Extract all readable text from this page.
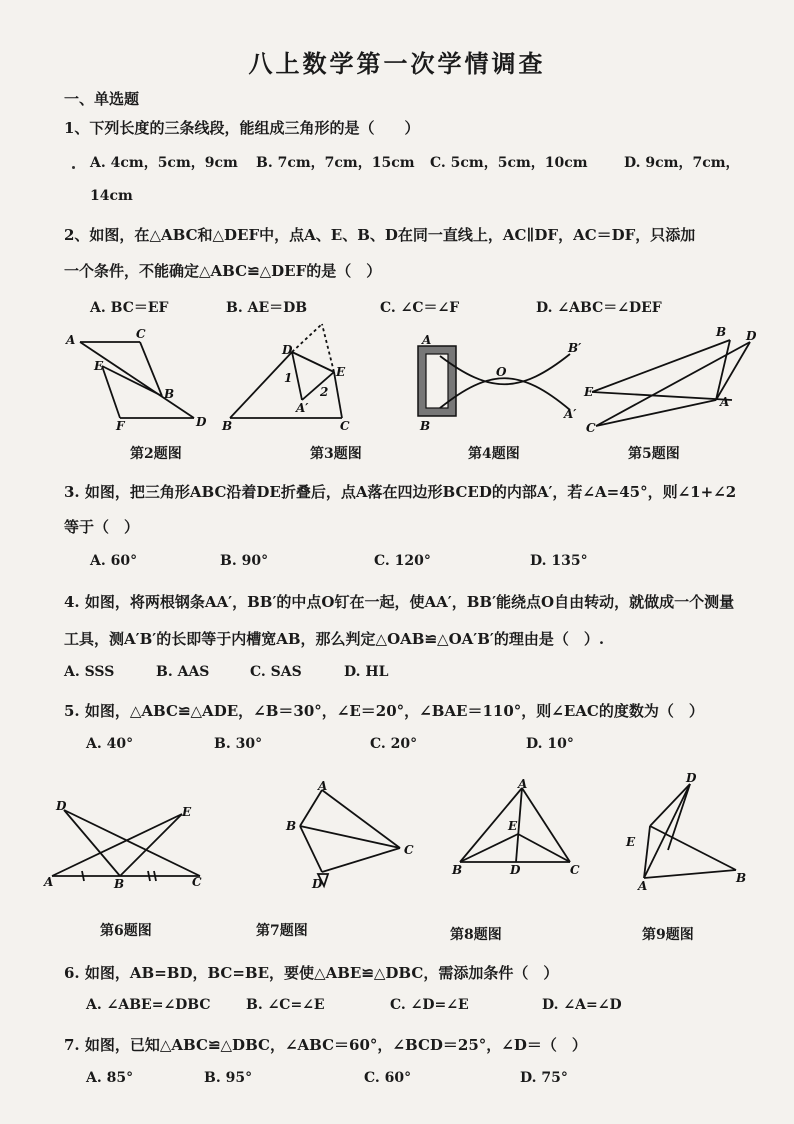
八上数学第一次学情调查
一、单选题
1、下列长度的三条线段，能组成三角形的是（　　）
A. 4cm，5cm，9cm B. 7cm，7cm，15cm C. 5cm，5cm，10cm	D. 9cm，7cm，
14cm
2、如图，在△ABC和△DEF中，点A、E、B、D在同一直线上，AC∥DF，AC＝DF，只添加
一个条件，不能确定△ABC≌△DEF的是（　）
A. BC＝EF	B. AE＝DB	C. ∠C＝∠F	D. ∠ABC＝∠DEF
A	C
E
B
F	D
第2题图
D
E
1
2
A′
B	C
第3题图
A
B
O
B′
A′
第4题图
B D
E
A
C
第5题图
3. 如图，把三角形ABC沿着DE折叠后，点A落在四边形BCED的内部A′，若∠A=45°，则∠1+∠2
等于（　）
A. 60°	B. 90°	C. 120°	D. 135°
4. 如图，将两根钢条AA′，BB′的中点O钉在一起，使AA′，BB′能绕点O自由转动，就做成一个测量
工具，测A′B′的长即等于内槽宽AB，那么判定△OAB≌△OA′B′的理由是（　）.
A. SSS	B. AAS	C. SAS	D. HL
5. 如图，△ABC≌△ADE，∠B＝30°，∠E＝20°，∠BAE＝110°，则∠EAC的度数为（　）
A. 40°	B. 30°	C. 20°	D. 10°
D	E
A	B	C
第6题图
A
B
C
D
第7题图
A
E
B	D	C
第8题图
D
E
A
B
第9题图
6. 如图，AB=BD，BC=BE，要使△ABE≌△DBC，需添加条件（　）
A. ∠ABE=∠DBC	B. ∠C=∠E	C. ∠D=∠E	D. ∠A=∠D
7. 如图，已知△ABC≌△DBC，∠ABC＝60°，∠BCD＝25°，∠D＝（　）
A. 85°	B. 95°	C. 60°	D. 75°
